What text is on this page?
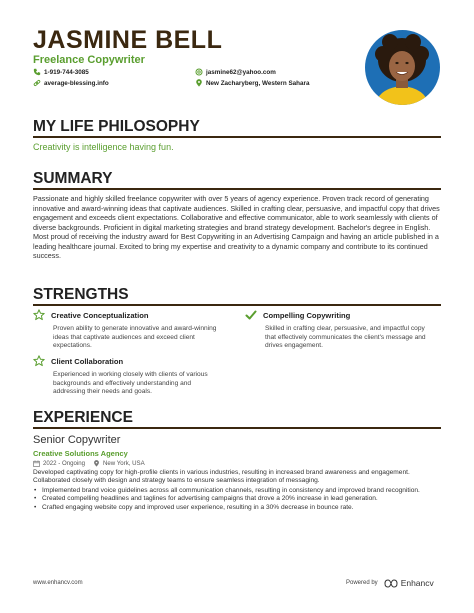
JASMINE BELL
Freelance Copywriter
1-919-744-3085	jasmine62@yahoo.com
average-blessing.info	New Zacharyberg, Western Sahara
MY LIFE PHILOSOPHY
Creativity is intelligence having fun.
SUMMARY
Passionate and highly skilled freelance copywriter with over 5 years of agency experience. Proven track record of generating innovative and award-winning ideas that captivate audiences. Skilled in crafting clear, persuasive, and impactful copy that drives engagement and exceeds client expectations. Collaborative and effective communicator, able to work seamlessly with clients of diverse backgrounds. Proficient in digital marketing strategies and brand strategy development. Bachelor's degree in English. Most proud of receiving the industry award for Best Copywriting in an Advertising Campaign and having an article published in a leading healthcare journal. Excited to bring my expertise and creativity to a dynamic company and contribute to its continued success.
STRENGTHS
Creative Conceptualization
Proven ability to generate innovative and award-winning ideas that captivate audiences and exceed client expectations.
Compelling Copywriting
Skilled in crafting clear, persuasive, and impactful copy that effectively communicates the client's message and drives engagement.
Client Collaboration
Experienced in working closely with clients of various backgrounds and effectively understanding and addressing their needs and goals.
EXPERIENCE
Senior Copywriter
Creative Solutions Agency
2022 - Ongoing	New York, USA
Developed captivating copy for high-profile clients in various industries, resulting in increased brand awareness and engagement. Collaborated closely with design and strategy teams to ensure seamless integration of messaging.
• Implemented brand voice guidelines across all communication channels, resulting in consistency and improved brand recognition.
• Created compelling headlines and taglines for advertising campaigns that drove a 20% increase in lead generation.
• Crafted engaging website copy and improved user experience, resulting in a 30% decrease in bounce rate.
www.enhancv.com	Powered by	Enhancv
